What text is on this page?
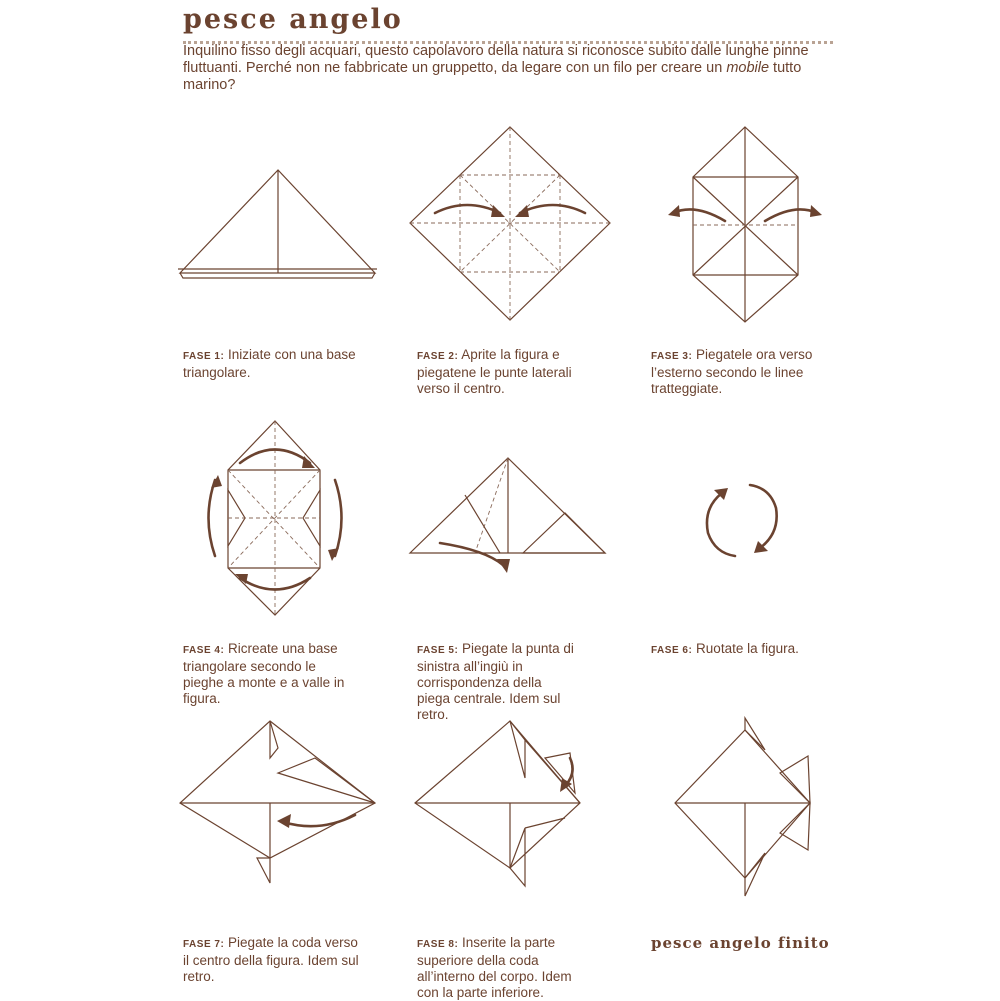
pesce angelo
Inquilino fisso degli acquari, questo capolavoro della natura si riconosce subito dalle lunghe pinne fluttuanti. Perché non ne fabbricate un gruppetto, da legare con un filo per creare un mobile tutto marino?
FASE 1: Iniziate con una base triangolare.
FASE 2: Aprite la figura e piegatene le punte laterali verso il centro.
FASE 3: Piegatele ora verso l’esterno secondo le linee tratteggiate.
FASE 4: Ricreate una base triangolare secondo le pieghe a monte e a valle in figura.
FASE 5: Piegate la punta di sinistra all’ingiù in corrispondenza della piega centrale. Idem sul retro.
FASE 6: Ruotate la figura.
FASE 7: Piegate la coda verso il centro della figura. Idem sul retro.
FASE 8: Inserite la parte superiore della coda all’interno del corpo. Idem con la parte inferiore.
pesce angelo finito
